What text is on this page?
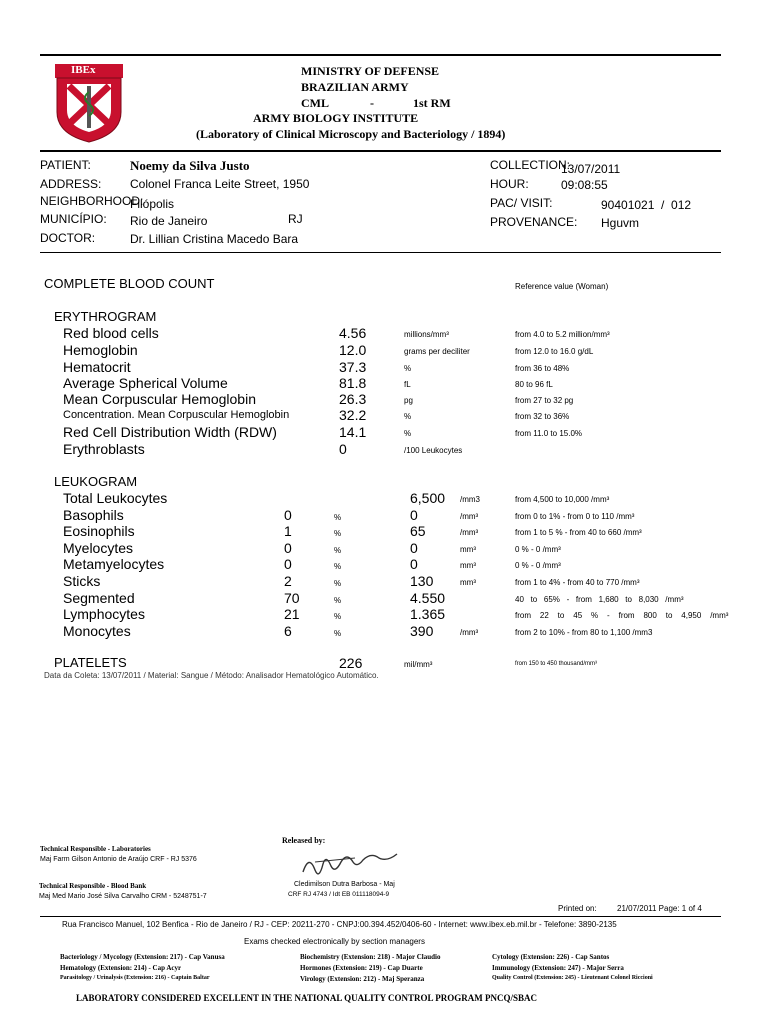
IBEx	MINISTRY OF DEFENSE
BRAZILIAN ARMY
CML	-	1st RM
ARMY BIOLOGY INSTITUTE
(Laboratory of Clinical Microscopy and Bacteriology / 1894)
PATIENT:	Noemy da Silva Justo
ADDRESS: Colonel Franca Leite Street, 1950
NEIGHBORHOOD:
Filópolis
MUNICÍPIO: Rio de Janeiro	RJ
DOCTOR:	Dr. Lillian Cristina Macedo Bara
COLLECTION:
13/07/2011
HOUR:	09:08:55
PAC/ VISIT:	90401021  /  012
PROVENANCE: Hguvm
COMPLETE BLOOD COUNT	Reference value (Woman)
ERYTHROGRAM
Red blood cells	4.56	millions/mm³	from 4.0 to 5.2 million/mm³
Hemoglobin	12.0	grams per deciliter	from 12.0 to 16.0 g/dL
Hematocrit	37.3	%	from 36 to 48%
Average Spherical Volume	81.8	fL	80 to 96 fL
Mean Corpuscular Hemoglobin	26.3	pg	from 27 to 32 pg
Concentration. Mean Corpuscular Hemoglobin	32.2	%	from 32 to 36%
Red Cell Distribution Width (RDW)	14.1	%	from 11.0 to 15.0%
Erythroblasts	0	/100 Leukocytes
LEUKOGRAM
Total Leukocytes	6,500 /mm3	from 4,500 to 10,000 /mm³
Basophils	0	%	0	/mm³	from 0 to 1% - from 0 to 110 /mm³
Eosinophils	1	%	65	/mm³	from 1 to 5 % - from 40 to 660 /mm³
Myelocytes	0	%	0	mm³	0 % - 0 /mm³
Metamyelocytes	0	%	0	mm³	0 % - 0 /mm³
Sticks	2	%	130	mm³	from 1 to 4% - from 40 to 770 /mm³
Segmented	70	%	4.550	40   to   65%   -   from   1,680   to   8,030   /mm³
Lymphocytes	21	%	1.365	from    22    to    45    %    -    from    800    to    4,950    /mm³
Monocytes	6	%	390	/mm³	from 2 to 10% - from 80 to 1,100 /mm3
PLATELETS	226	mil/mm³	from 150 to 450 thousand/mm³
Data da Coleta: 13/07/2011 / Material: Sangue / Método: Analisador Hematológico Automático.
Technical Responsible - Laboratories
Maj Farm Gilson Antonio de Araújo CRF - RJ 5376
Technical Responsible - Blood Bank
Maj Med Mario José Silva Carvalho CRM - 5248751-7
Released by:
Cledimilson Dutra Barbosa - Maj
CRF RJ 4743 / Idt EB 011118094-9
Printed on:	21/07/2011 Page: 1 of 4
Rua Francisco Manuel, 102 Benfica - Rio de Janeiro / RJ - CEP: 20211-270 - CNPJ:00.394.452/0406-60 - Internet: www.ibex.eb.mil.br - Telefone: 3890-2135
Exams checked electronically by section managers
Bacteriology / Mycology (Extension: 217) - Cap Vanusa
Hematology (Extension: 214) - Cap Acyr
Parasitology / Urinalysis (Extension: 216) - Captain Baltar
Biochemistry (Extension: 218) - Major Claudio
Hormones (Extension: 219) - Cap Duarte
Virology (Extension: 212) - Maj Speranza
Cytology (Extension: 226) - Cap Santos
Immunology (Extension: 247) - Major Serra
Quality Control (Extension: 245) - Lieutenant Colonel Riccioni
LABORATORY CONSIDERED EXCELLENT IN THE NATIONAL QUALITY CONTROL PROGRAM PNCQ/SBAC
